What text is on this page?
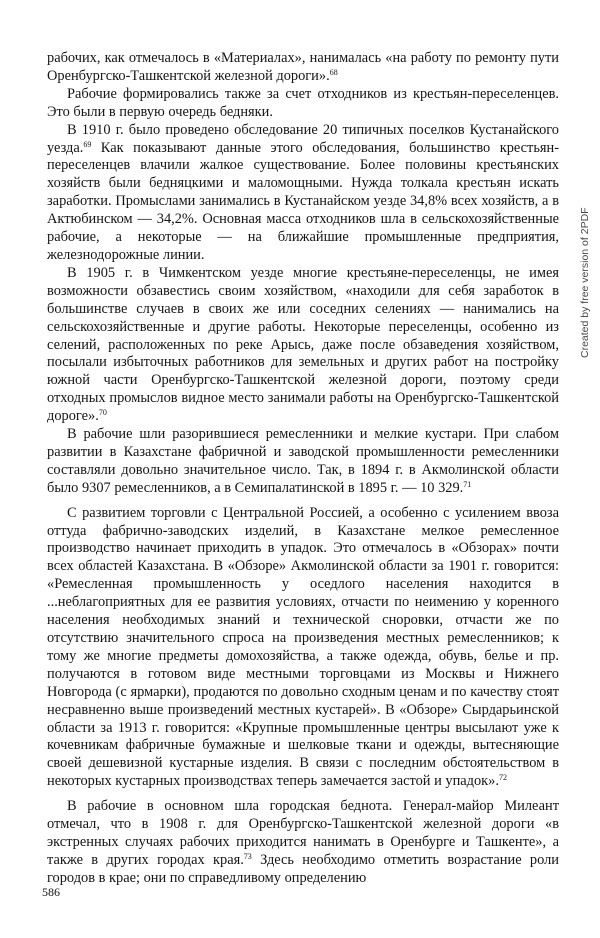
рабочих, как отмечалось в «Материалах», нанималась «на работу по ремонту пути Оренбургско-Ташкентской железной дороги».$^{68}$

Рабочие формировались также за счет отходников из крестьян-переселенцев. Это были в первую очередь бедняки.

В 1910 г. было проведено обследование 20 типичных поселков Кустанайского уезда.$^{69}$ Как показывают данные этого обследования, большинство крестьян-переселенцев влачили жалкое существование. Более половины крестьянских хозяйств были бедняцкими и маломощными. Нужда толкала крестьян искать заработки. Промыслами занимались в Кустанайском уезде 34,8% всех хозяйств, а в Актюбинском — 34,2%. Основная масса отходников шла в сельскохозяйственные рабочие, а некоторые — на ближайшие промышленные предприятия, железнодорожные линии.

В 1905 г. в Чимкентском уезде многие крестьяне-переселенцы, не имея возможности обзавестись своим хозяйством, «находили для себя заработок в большинстве случаев в своих же или соседних селениях — нанимались на сельскохозяйственные и другие работы. Некоторые переселенцы, особенно из селений, расположенных по реке Арысь, даже после обзаведения хозяйством, посылали избыточных работников для земельных и других работ на постройку южной части Оренбургско-Ташкентской железной дороги, поэтому среди отходных промыслов видное место занимали работы на Оренбургско-Ташкентской дороге».$^{70}$

В рабочие шли разорившиеся ремесленники и мелкие кустари. При слабом развитии в Казахстане фабричной и заводской промышленности ремесленники составляли довольно значительное число. Так, в 1894 г. в Акмолинской области было 9307 ремесленников, а в Семипалатинской в 1895 г. — 10 329.71

С развитием торговли с Центральной Россией, а особенно с усилением ввоза оттуда фабрично-заводских изделий, в Казахстане мелкое ремесленное производство начинает приходить в упадок. Это отмечалось в «Обзорах» почти всех областей Казахстана. В «Обзоре» Акмолинской области за 1901 г. говорится: «Ремесленная промышленность у оседлого населения находится в ...неблагоприятных для ее развития условиях, отчасти по неимению у коренного населения необходимых знаний и технической сноровки, отчасти же по отсутствию значительного спроса на произведения местных ремесленников; к тому же многие предметы домохозяйства, а также одежда, обувь, белье и пр. получаются в готовом виде местными торговцами из Москвы и Нижнего Новгорода (с ярмарки), продаются по довольно сходным ценам и по качеству стоят несравненно выше произведений местных кустарей». В «Обзоре» Сырдарьинской области за 1913 г. говорится: «Крупные промышленные центры высылают уже к кочевникам фабричные бумажные и шелковые ткани и одежды, вытесняющие своей дешевизной кустарные изделия. В связи с последним обстоятельством в некоторых кустарных производствах теперь замечается застой и упадок».$^{72}$

В рабочие в основном шла городская беднота. Генерал-майор Милеант отмечал, что в 1908 г. для Оренбургско-Ташкентской железной дороги «в экстренных случаях рабочих приходится нанимать в Оренбурге и Ташкенте», а также в других городах края.$^{73}$ Здесь необходимо отметить возрастание роли городов в крае; они по справедливому определению

586
Created by free version of 2PDF
